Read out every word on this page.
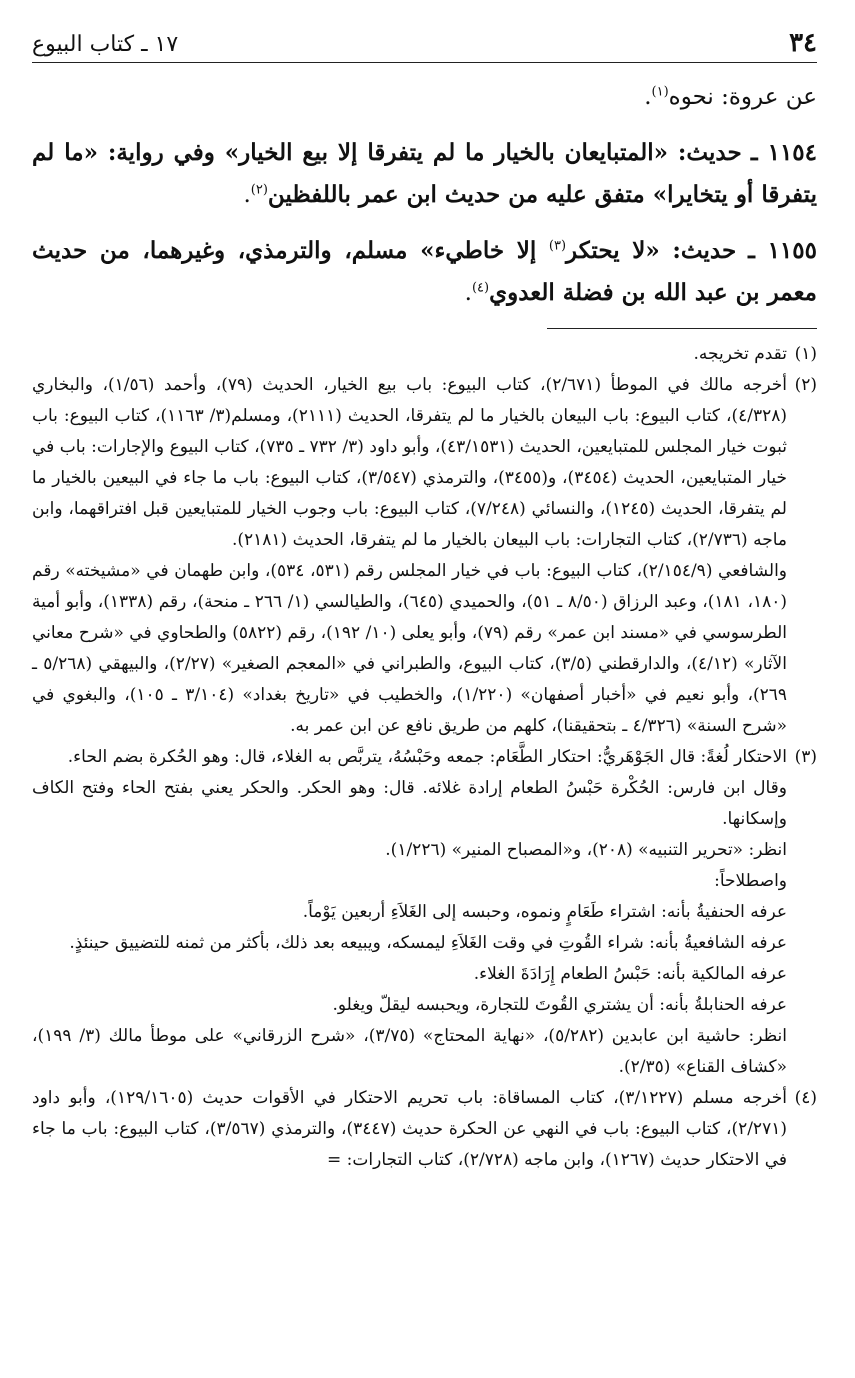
٣٤
١٧ ـ كتاب البيوع

عن عروة: نحوه$^{(١)}$.

١١٥٤ ـ حديث: «المتبايعان بالخيار ما لم يتفرقا إلا بيع الخيار» وفي رواية: «ما لم يتفرقا أو يتخايرا» متفق عليه من حديث ابن عمر باللفظين$^{(٢)}$.

١١٥٥ ـ حديث: «لا يحتكر$^{(٣)}$ إلا خاطيء» مسلم، والترمذي، وغيرهما، من حديث معمر بن عبد الله بن فضلة العدوي$^{(٤)}$.

(١)

تقدم تخريجه.

(٢)

أخرجه مالك في الموطأ (٢/٦٧١)، كتاب البيوع: باب بيع الخيار، الحديث (٧٩)، وأحمد (١/٥٦)، والبخاري (٤/٣٢٨)، كتاب البيوع: باب البيعان بالخيار ما لم يتفرقا، الحديث (٢١١١)، ومسلم(٣/ ١١٦٣)، كتاب البيوع: باب ثبوت خيار المجلس للمتبايعين، الحديث (٤٣/١٥٣١)، وأبو داود (٣/ ٧٣٢ ـ ٧٣٥)، كتاب البيوع والإجارات: باب في خيار المتبايعين، الحديث (٣٤٥٤)، و(٣٤٥٥)، والترمذي (٣/٥٤٧)، كتاب البيوع: باب ما جاء في البيعين بالخيار ما لم يتفرقا، الحديث (١٢٤٥)، والنسائي (٧/٢٤٨)، كتاب البيوع: باب وجوب الخيار للمتبايعين قبل افتراقهما، وابن ماجه (٢/٧٣٦)، كتاب التجارات: باب البيعان بالخيار ما لم يتفرقا، الحديث (٢١٨١).

والشافعي (٢/١٥٤/٩)، كتاب البيوع: باب في خيار المجلس رقم (٥٣١، ٥٣٤)، وابن طهمان في «مشيخته» رقم (١٨٠، ١٨١)، وعبد الرزاق (٨/٥٠ ـ ٥١)، والحميدي (٦٤٥)، والطيالسي (١/ ٢٦٦ ـ منحة)، رقم (١٣٣٨)، وأبو أمية الطرسوسي في «مسند ابن عمر» رقم (٧٩)، وأبو يعلى (١٠/ ١٩٢)، رقم (٥٨٢٢) والطحاوي في «شرح معاني الآثار» (٤/١٢)، والدارقطني (٣/٥)، كتاب البيوع، والطبراني في «المعجم الصغير» (٢/٢٧)، والبيهقي (٥/٢٦٨ ـ ٢٦٩)، وأبو نعيم في «أخبار أصفهان» (١/٢٢٠)، والخطيب في «تاريخ بغداد» (٣/١٠٤ ـ ١٠٥)، والبغوي في «شرح السنة» (٤/٣٢٦ ـ بتحقيقنا)، كلهم من طريق نافع عن ابن عمر به.

(٣)

الاحتكار لُغةً: قال الجَوْهَريُّ: احتكار الطَّعَام: جمعه وحَبْسُهُ، يتربَّص به الغلاء، قال: وهو الحُكرة بضم الحاء.

وقال ابن فارس: الحُكْرة حَبْسُ الطعام إرادة غلائه. قال: وهو الحكر. والحكر يعني بفتح الحاء وفتح الكاف وإسكانها.

انظر: «تحرير التنبيه» (٢٠٨)، و«المصباح المنير» (١/٢٢٦).

واصطلاحاً:

عرفه الحنفيةُ بأنه: اشتراء طَعَامٍ ونموه، وحبسه إلى الغَلاَءِ أربعين يَوْماً.

عرفه الشافعيةُ بأنه: شراء القُوتِ في وقت الغَلاَءِ ليمسكه، ويبيعه بعد ذلك، بأكثر من ثمنه للتضييق حينئذٍ.

عرفه المالكية بأنه: حَبْسُ الطعام إِرَادَةَ الغلاء.

عرفه الحنابلةُ بأنه: أن يشتري القُوتَ للتجارة، ويحبسه ليقلّ ويغلو.

انظر: حاشية ابن عابدين (٥/٢٨٢)، «نهاية المحتاج» (٣/٧٥)، «شرح الزرقاني» على موطأ مالك (٣/ ١٩٩)، «كشاف القناع» (٢/٣٥).

(٤)

أخرجه مسلم (٣/١٢٢٧)، كتاب المساقاة: باب تحريم الاحتكار في الأقوات حديث (١٢٩/١٦٠٥)، وأبو داود (٢/٢٧١)، كتاب البيوع: باب في النهي عن الحكرة حديث (٣٤٤٧)، والترمذي (٣/٥٦٧)، كتاب البيوع: باب ما جاء في الاحتكار حديث (١٢٦٧)، وابن ماجه (٢/٧٢٨)، كتاب التجارات: =
